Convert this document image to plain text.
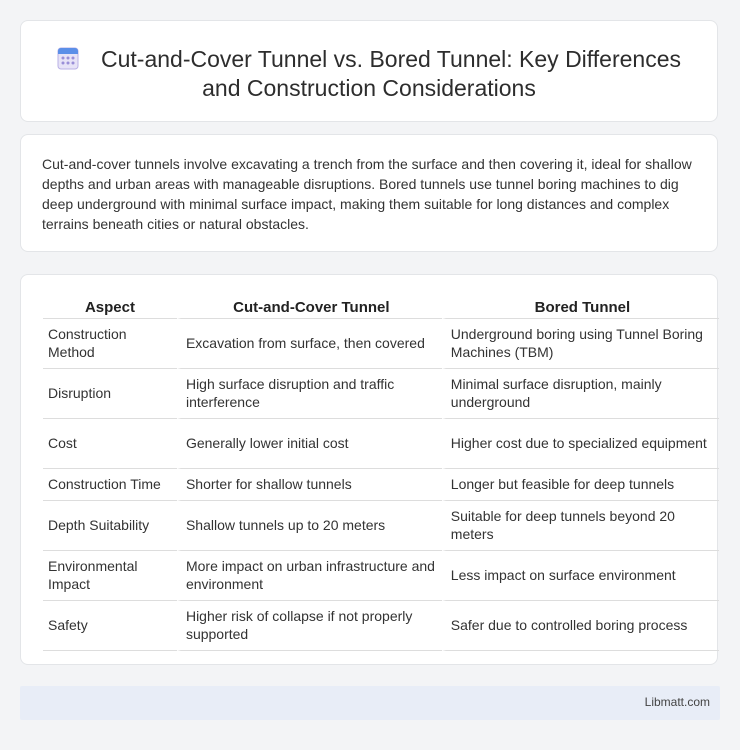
Cut-and-Cover Tunnel vs. Bored Tunnel: Key Differences
and Construction Considerations
Cut-and-cover tunnels involve excavating a trench from the surface and then covering it, ideal for shallow depths and urban areas with manageable disruptions. Bored tunnels use tunnel boring machines to dig deep underground with minimal surface impact, making them suitable for long distances and complex terrains beneath cities or natural obstacles.
Aspect	Cut-and-Cover Tunnel	Bored Tunnel
Construction Method	Excavation from surface, then covered	Underground boring using Tunnel Boring Machines (TBM)
Disruption	High surface disruption and traffic interference	Minimal surface disruption, mainly underground
Cost	Generally lower initial cost	Higher cost due to specialized equipment
Construction Time	Shorter for shallow tunnels	Longer but feasible for deep tunnels
Depth Suitability	Shallow tunnels up to 20 meters	Suitable for deep tunnels beyond 20 meters
Environmental Impact	More impact on urban infrastructure and environment	Less impact on surface environment
Safety	Higher risk of collapse if not properly supported	Safer due to controlled boring process
Libmatt.com
